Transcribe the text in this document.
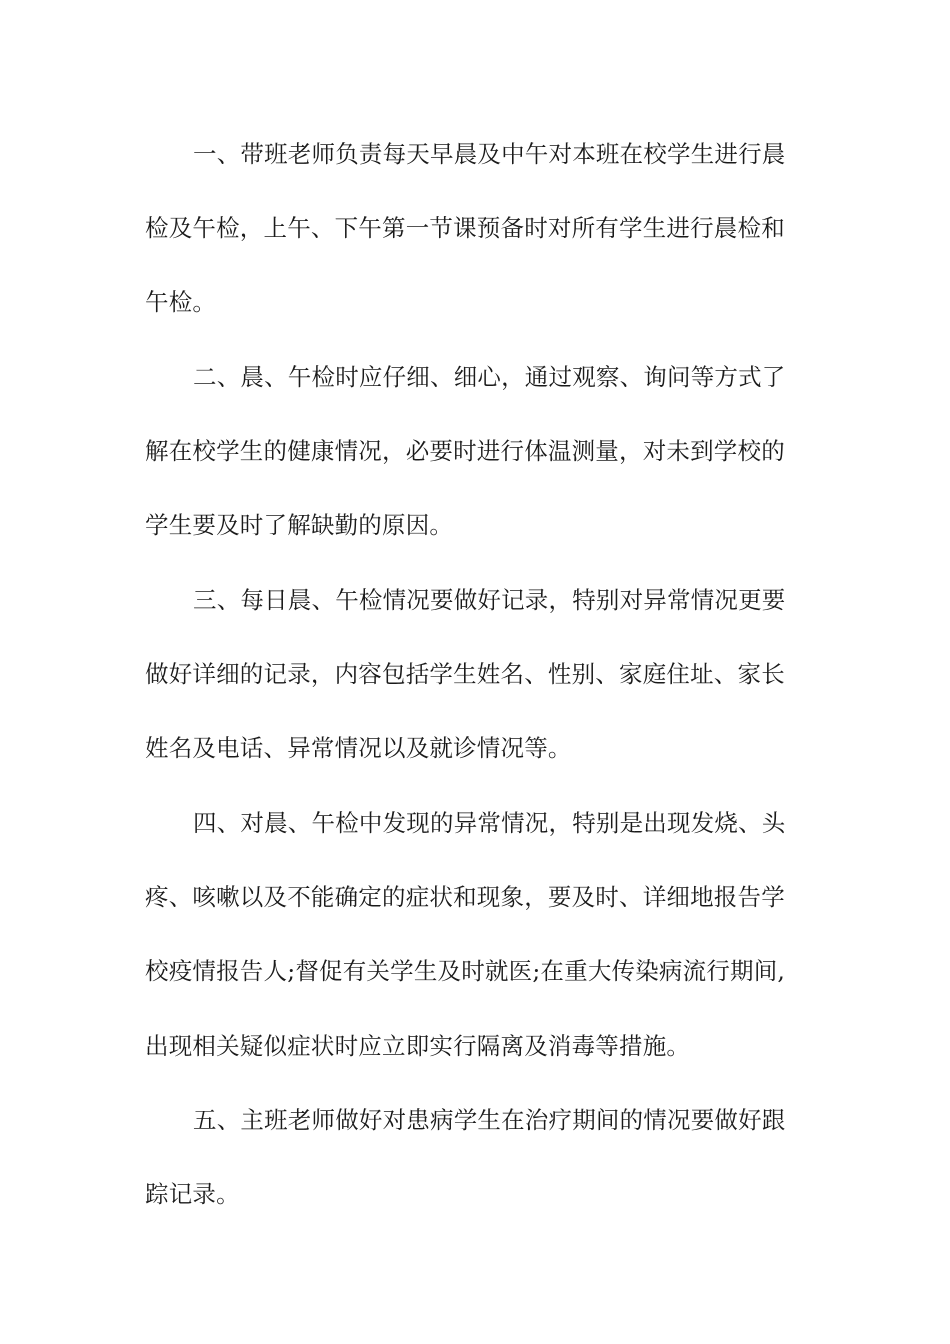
一、带班老师负责每天早晨及中午对本班在校学生进行晨
检及午检，上午、下午第一节课预备时对所有学生进行晨检和
午检。
二、晨、午检时应仔细、细心，通过观察、询问等方式了
解在校学生的健康情况，必要时进行体温测量，对未到学校的
学生要及时了解缺勤的原因。
三、每日晨、午检情况要做好记录，特别对异常情况更要
做好详细的记录，内容包括学生姓名、性别、家庭住址、家长
姓名及电话、异常情况以及就诊情况等。
四、对晨、午检中发现的异常情况，特别是出现发烧、头
疼、咳嗽以及不能确定的症状和现象，要及时、详细地报告学
校疫情报告人;督促有关学生及时就医;在重大传染病流行期间,
出现相关疑似症状时应立即实行隔离及消毒等措施。
五、主班老师做好对患病学生在治疗期间的情况要做好跟
踪记录。
